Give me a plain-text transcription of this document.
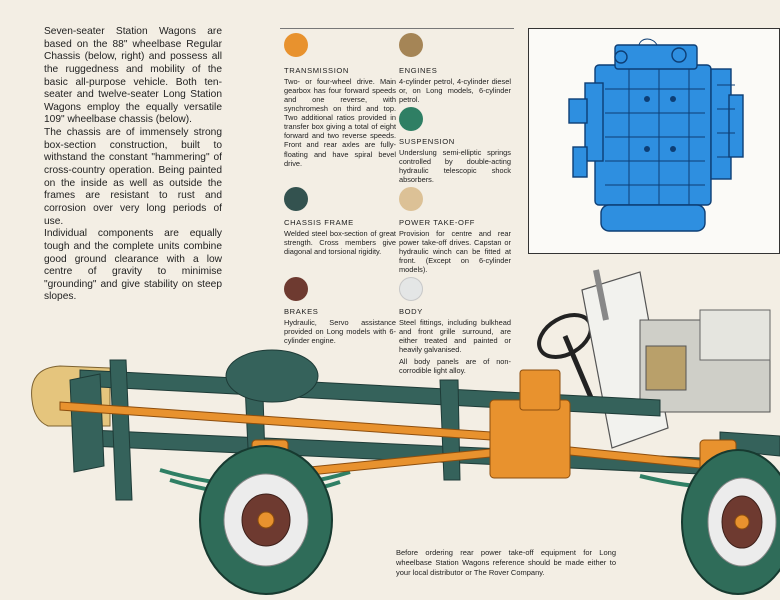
Seven-seater Station Wagons are based on the 88" wheelbase Regular Chassis (below, right) and possess all the ruggedness and mobility of the basic all-purpose vehicle. Both ten-seater and twelve-seater Long Station Wagons employ the equally versatile 109" wheelbase chassis (below).

The chassis are of immensely strong box-section construction, built to withstand the constant "hammering" of cross-country operation. Being painted on the inside as well as outside the frames are resistant to rust and corrosion over very long periods of use.

Individual components are equally tough and the complete units combine good ground clearance with a low centre of gravity to minimise "grounding" and give stability on steep slopes.

TRANSMISSION

Two- or four-wheel drive. Main gearbox has four forward speeds and one reverse, with synchromesh on third and top. Two additional ratios provided in transfer box giving a total of eight forward and two reverse speeds. Front and rear axles are fully-floating and have spiral bevel drive.

ENGINES

4-cylinder petrol, 4-cylinder diesel or, on Long models, 6-cylinder petrol.

SUSPENSION

Underslung semi-elliptic springs controlled by double-acting hydraulic telescopic shock absorbers.

CHASSIS FRAME

Welded steel box-section of great strength. Cross members give diagonal and torsional rigidity.

POWER TAKE-OFF

Provision for centre and rear power take-off drives. Capstan or hydraulic winch can be fitted at front. (Except on 6-cylinder models).

BRAKES

Hydraulic, Servo assistance provided on Long models with 6-cylinder engine.

BODY

Steel fittings, including bulkhead and front grille surround, are either treated and painted or heavily galvanised.

All body panels are of non-corrodible light alloy.

Before ordering rear power take-off equipment for Long wheelbase Station Wagons reference should be made either to your local distributor or The Rover Company.
